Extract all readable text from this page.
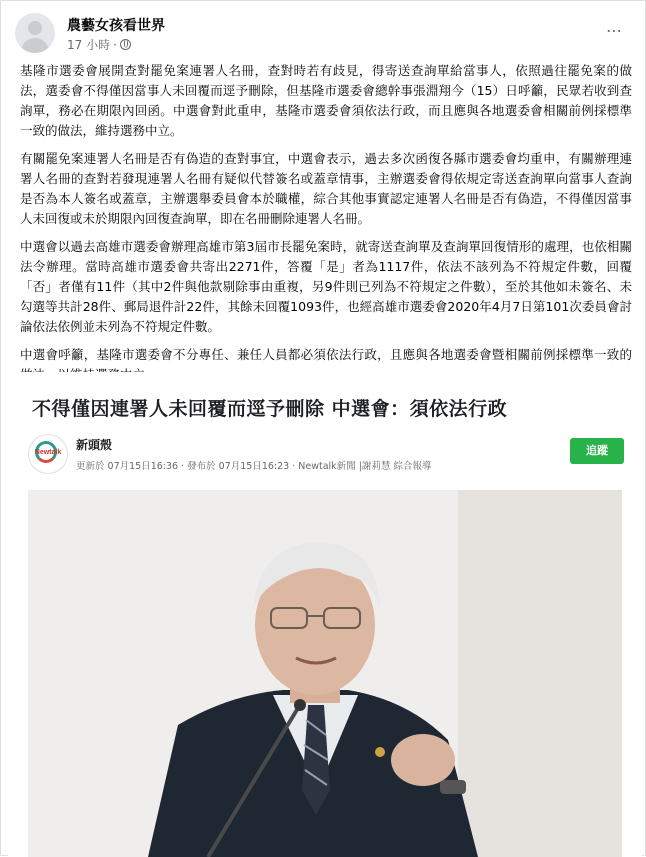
農藝女孩看世界
17 小時 ·
⋯

基隆市選委會展開查對罷免案連署人名冊，查對時若有歧見，得寄送查詢單給當事人，依照過往罷免案的做法，選委會不得僅因當事人未回覆而逕予刪除，但基隆市選委會總幹事張淵翔今（15）日呼籲，民眾若收到查詢單，務必在期限內回函。中選會對此重申，基隆市選委會須依法行政，而且應與各地選委會相關前例採標準一致的做法，維持選務中立。

有關罷免案連署人名冊是否有偽造的查對事宜，中選會表示，過去多次函復各縣市選委會均重申，有關辦理連署人名冊的查對若發現連署人名冊有疑似代替簽名或蓋章情事，主辦選委會得依規定寄送查詢單向當事人查詢是否為本人簽名或蓋章，主辦選舉委員會本於職權，綜合其他事實認定連署人名冊是否有偽造，不得僅因當事人未回復或未於期限內回復查詢單，即在名冊刪除連署人名冊。

中選會以過去高雄市選委會辦理高雄市第3屆市長罷免案時，就寄送查詢單及查詢單回復情形的處理，也依相關法令辦理。當時高雄市選委會共寄出2271件，答覆「是」者為1117件，依法不該列為不符規定件數，回覆「否」者僅有11件（其中2件與他款剔除事由重複，另9件則已列為不符規定之件數），至於其他如未簽名、未勾選等共計28件、郵局退件計22件，其餘未回覆1093件，也經高雄市選委會2020年4月7日第101次委員會討論依法依例並未列為不符規定件數。

中選會呼籲，基隆市選委會不分專任、兼任人員都必須依法行政，且應與各地選委會暨相關前例採標準一致的

不得僅因連署人未回覆而逕予刪除 中選會：須依法行政
Newtalk
新頭殼
更新於 07月15日16:36 · 發布於 07月15日16:23 · Newtalk新聞 |謝莉慧 綜合報導
追蹤
